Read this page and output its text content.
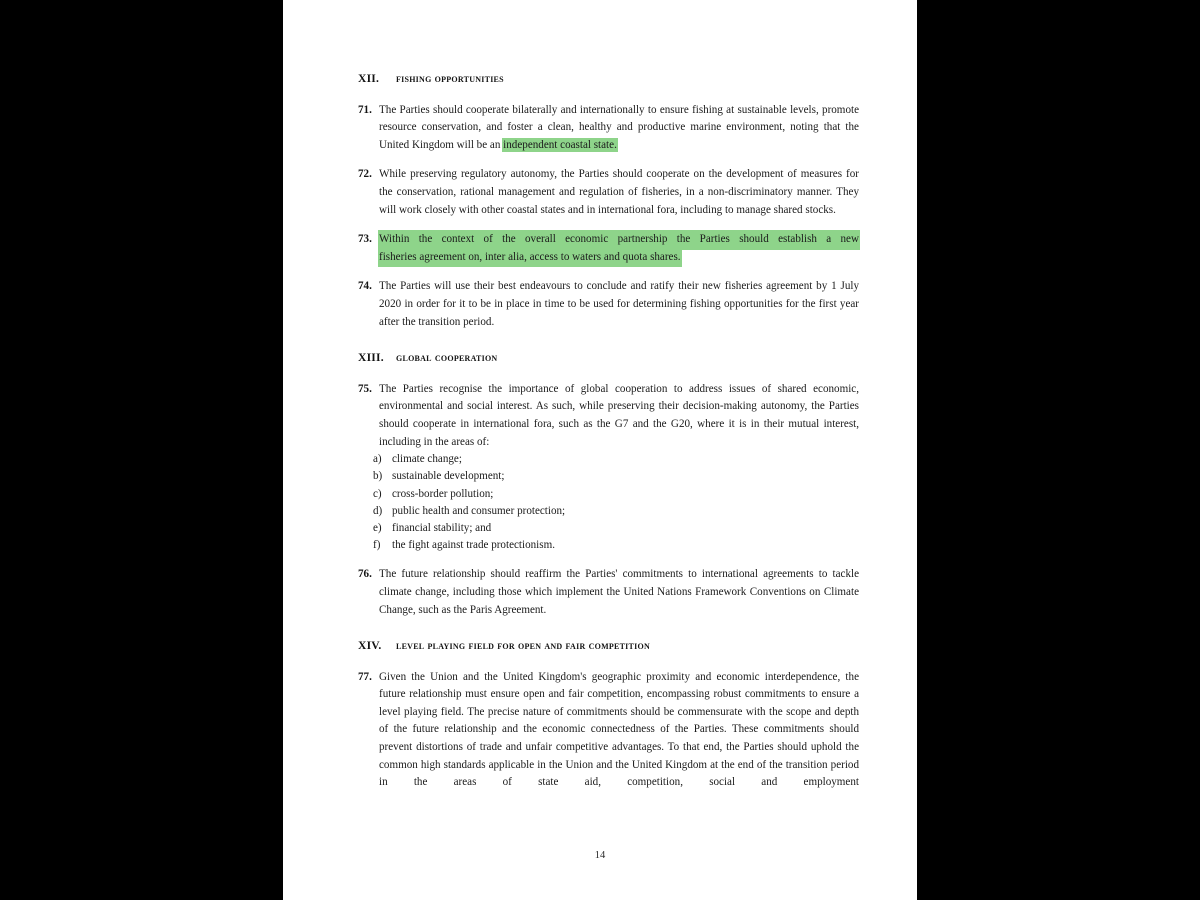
XII.	fishing opportunities
71. The Parties should cooperate bilaterally and internationally to ensure fishing at sustainable levels, promote resource conservation, and foster a clean, healthy and productive marine environment, noting that the United Kingdom will be an independent coastal state.
72. While preserving regulatory autonomy, the Parties should cooperate on the development of measures for the conservation, rational management and regulation of fisheries, in a non-discriminatory manner. They will work closely with other coastal states and in international fora, including to manage shared stocks.
73. Within the context of the overall economic partnership the Parties should establish a new
fisheries agreement on, inter alia, access to waters and quota shares.
74. The Parties will use their best endeavours to conclude and ratify their new fisheries agreement by 1 July 2020 in order for it to be in place in time to be used for determining fishing opportunities for the first year after the transition period.
XIII.	global cooperation
75. The Parties recognise the importance of global cooperation to address issues of shared economic, environmental and social interest. As such, while preserving their decision-making autonomy, the Parties should cooperate in international fora, such as the G7 and the G20, where it is in their mutual interest, including in the areas of:
a) climate change;
b) sustainable development;
c) cross-border pollution;
d) public health and consumer protection;
e) financial stability; and
f)	the fight against trade protectionism.
76. The future relationship should reaffirm the Parties' commitments to international agreements to tackle climate change, including those which implement the United Nations Framework Conventions on Climate Change, such as the Paris Agreement.
XIV.	level playing field for open and fair competition
77. Given the Union and the United Kingdom's geographic proximity and economic interdependence, the future relationship must ensure open and fair competition, encompassing robust commitments to ensure a level playing field. The precise nature of commitments should be commensurate with the scope and depth of the future relationship and the economic connectedness of the Parties. These commitments should prevent distortions of trade and unfair competitive advantages. To that end, the Parties should uphold the common high standards applicable in the Union and the United Kingdom at the end of the transition period in the areas of state aid, competition, social and employment
14
